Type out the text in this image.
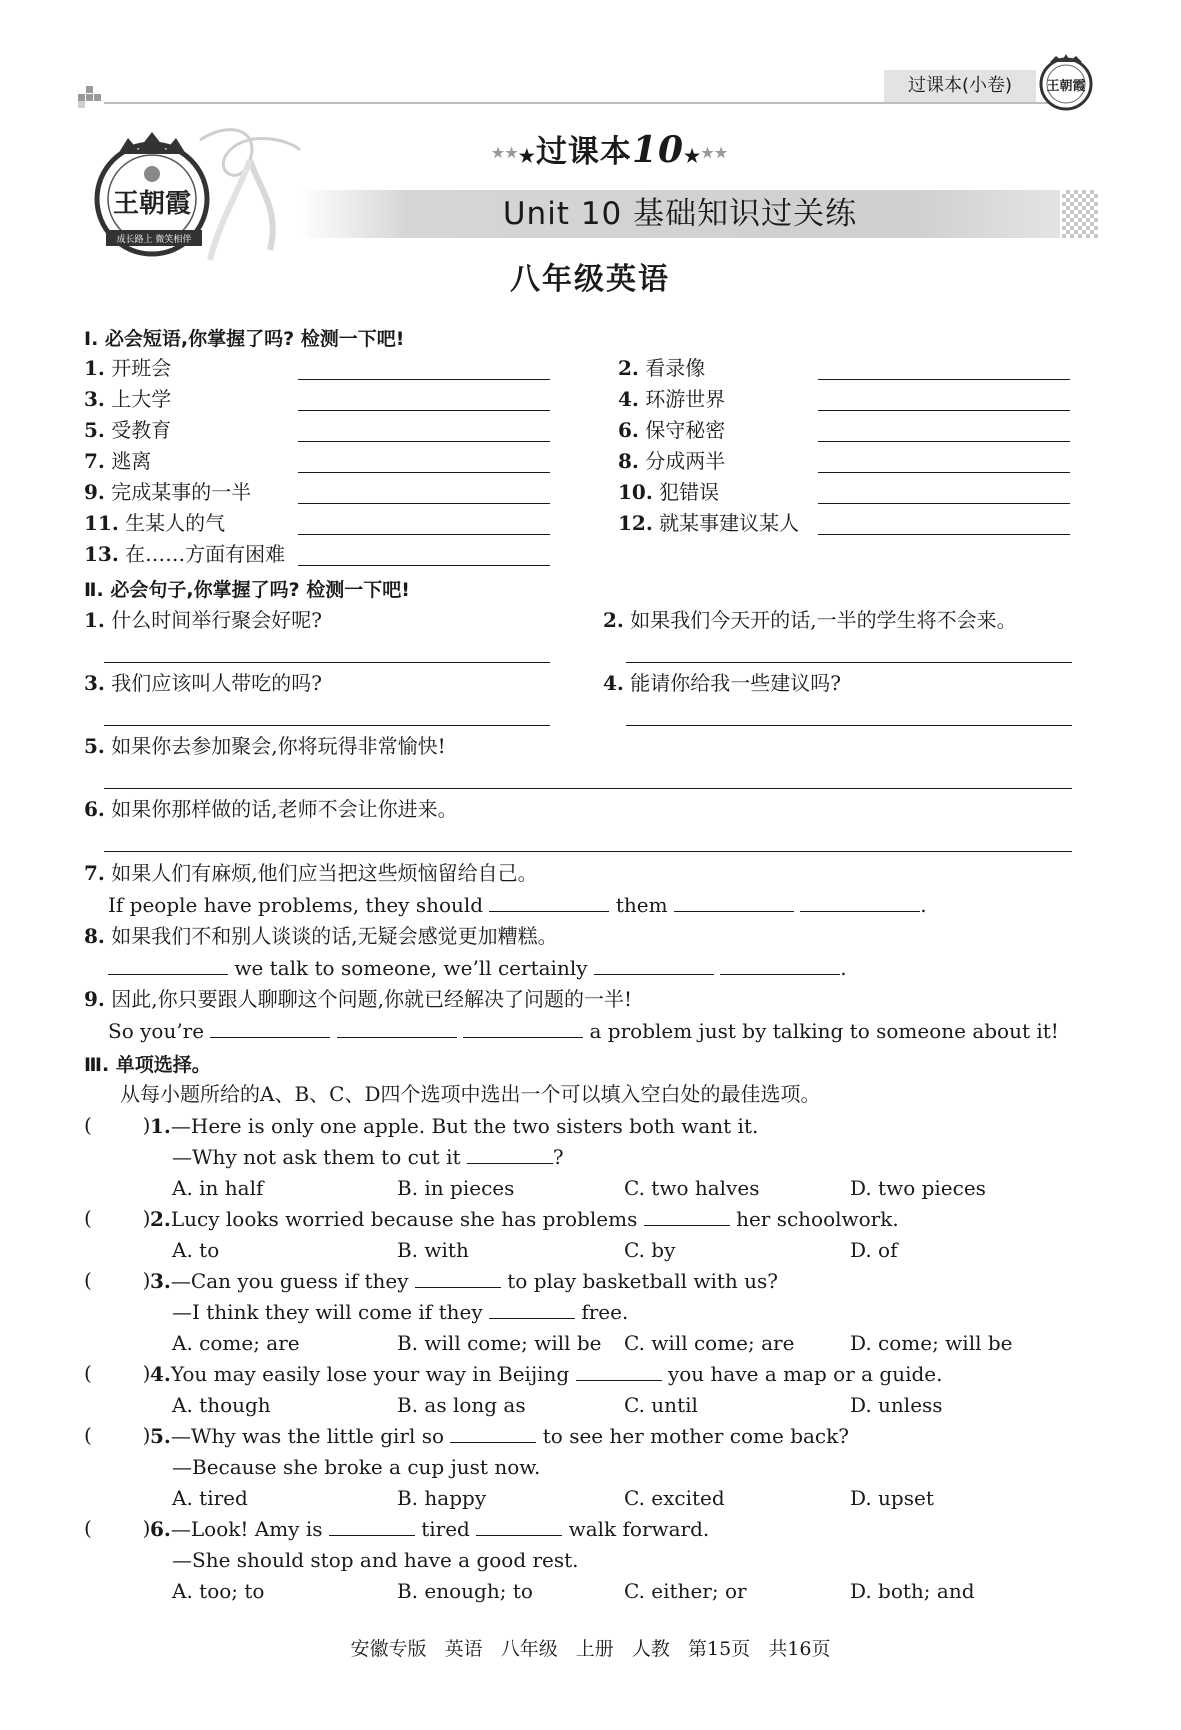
过课本(小卷)	王朝霞
王朝霞
成长路上 微笑相伴
★★★过课本10★★★
Unit 10 基础知识过关练
八年级英语
Ⅰ. 必会短语,你掌握了吗? 检测一下吧!
1. 开班会	2. 看录像
3. 上大学	4. 环游世界
5. 受教育	6. 保守秘密
7. 逃离	8. 分成两半
9. 完成某事的一半	10. 犯错误
11. 生某人的气	12. 就某事建议某人
13. 在……方面有困难
Ⅱ. 必会句子,你掌握了吗? 检测一下吧!
1. 什么时间举行聚会好呢?	2. 如果我们今天开的话,一半的学生将不会来。
3. 我们应该叫人带吃的吗?	4. 能请你给我一些建议吗?
5. 如果你去参加聚会,你将玩得非常愉快!
6. 如果你那样做的话,老师不会让你进来。
7. 如果人们有麻烦,他们应当把这些烦恼留给自己。
If people have problems, they should	them	.
8. 如果我们不和别人谈谈的话,无疑会感觉更加糟糕。
we talk to someone, we’ll certainly	.
9. 因此,你只要跟人聊聊这个问题,你就已经解决了问题的一半!
So you’re	a problem just by talking to someone about it!
Ⅲ. 单项选择。
从每小题所给的A、B、C、D四个选项中选出一个可以填入空白处的最佳选项。
(        ) 1.—Here is only one apple. But the two sisters both want it.
—Why not ask them to cut it	?
A. in half	B. in pieces	C. two halves	D. two pieces
(        ) 2.Lucy looks worried because she has problems	her schoolwork.
A. to	B. with	C. by	D. of
(        ) 3.—Can you guess if they	to play basketball with us?
—I think they will come if they	free.
A. come; are	B. will come; will be C. will come; are	D. come; will be
(        ) 4.You may easily lose your way in Beijing	you have a map or a guide.
A. though	B. as long as	C. until	D. unless
(        ) 5.—Why was the little girl so	to see her mother come back?
—Because she broke a cup just now.
A. tired	B. happy	C. excited	D. upset
(        ) 6.—Look! Amy is	tired	walk forward.
—She should stop and have a good rest.
A. too; to	B. enough; to	C. either; or	D. both; and
安徽专版   英语   八年级   上册   人教   第15页   共16页
